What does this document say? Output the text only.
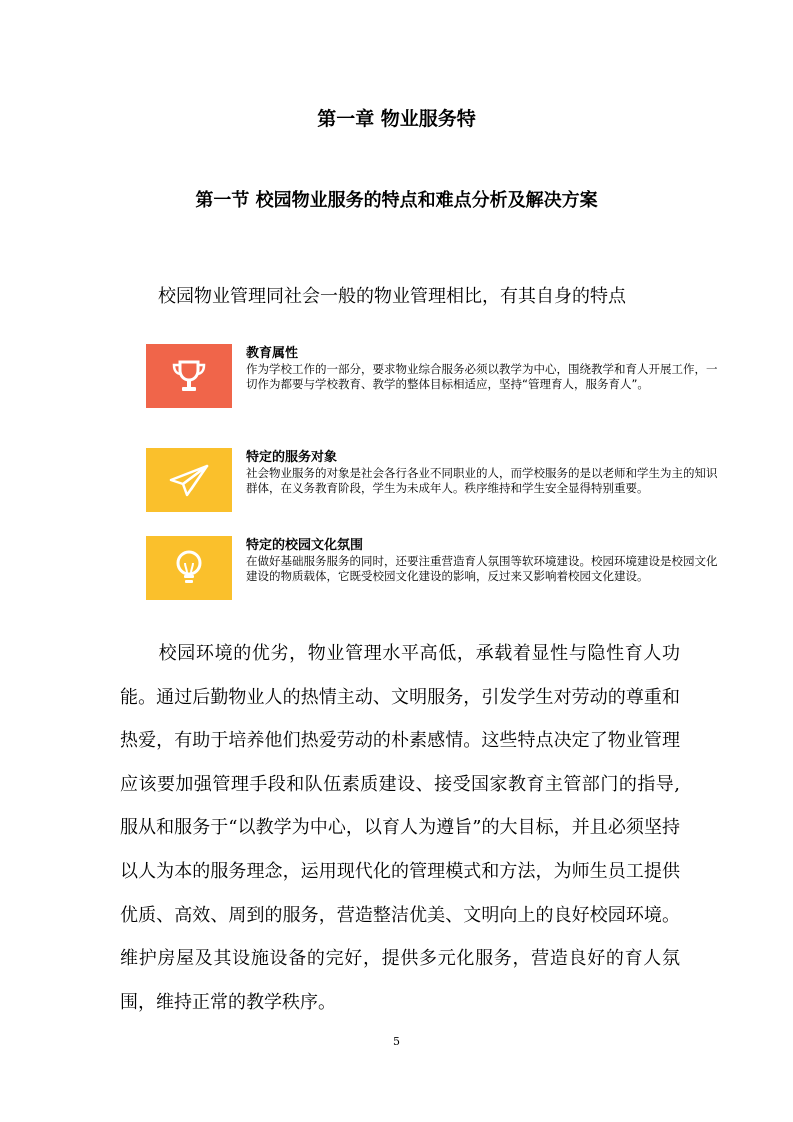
第一章 物业服务特
第一节 校园物业服务的特点和难点分析及解决方案
校园物业管理同社会一般的物业管理相比，有其自身的特点
教育属性
作为学校工作的一部分，要求物业综合服务必须以教学为中心，围绕教学和育人开展工作，一切作为都要与学校教育、教学的整体目标相适应，坚持“管理育人，服务育人”。
特定的服务对象
社会物业服务的对象是社会各行各业不同职业的人，而学校服务的是以老师和学生为主的知识群体，在义务教育阶段，学生为未成年人。秩序维持和学生安全显得特别重要。
特定的校园文化氛围
在做好基础服务服务的同时，还要注重营造育人氛围等软环境建设。校园环境建设是校园文化建设的物质载体，它既受校园文化建设的影响，反过来又影响着校园文化建设。
校园环境的优劣，物业管理水平高低，承载着显性与隐性育人功能。通过后勤物业人的热情主动、文明服务，引发学生对劳动的尊重和热爱，有助于培养他们热爱劳动的朴素感情。这些特点决定了物业管理应该要加强管理手段和队伍素质建设、接受国家教育主管部门的指导,服从和服务于“以教学为中心，以育人为遵旨”的大目标，并且必须坚持以人为本的服务理念，运用现代化的管理模式和方法，为师生员工提供优质、高效、周到的服务，营造整洁优美、文明向上的良好校园环境。维护房屋及其设施设备的完好，提供多元化服务，营造良好的育人氛围，维持正常的教学秩序。
5
